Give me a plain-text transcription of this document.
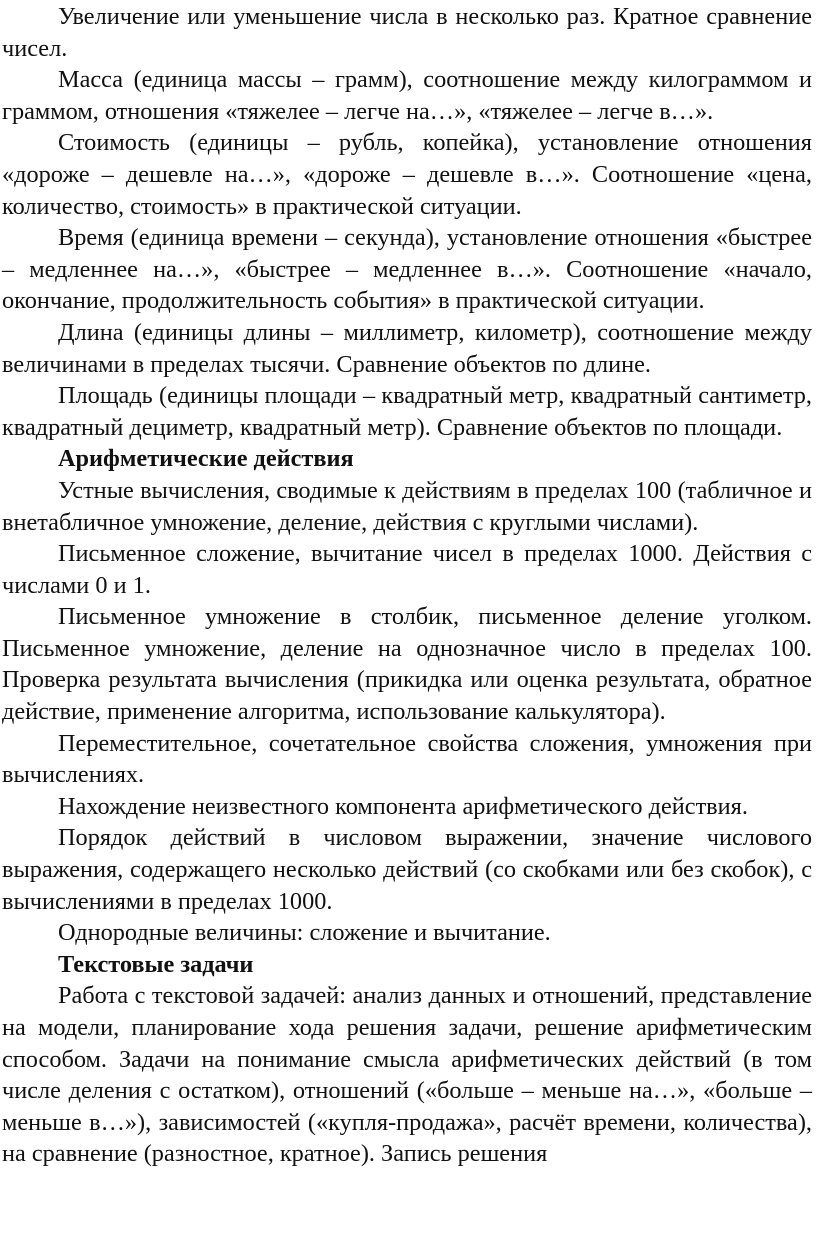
Увеличение или уменьшение числа в несколько раз. Кратное сравнение чисел.

Масса (единица массы – грамм), соотношение между килограммом и граммом, отношения «тяжелее – легче на…», «тяжелее – легче в…».

Стоимость (единицы – рубль, копейка), установление отношения «дороже – дешевле на…», «дороже – дешевле в…». Соотношение «цена, количество, стоимость» в практической ситуации.

Время (единица времени – секунда), установление отношения «быстрее – медленнее на…», «быстрее – медленнее в…». Соотношение «начало, окончание, продолжительность события» в практической ситуации.

Длина (единицы длины – миллиметр, километр), соотношение между величинами в пределах тысячи. Сравнение объектов по длине.

Площадь (единицы площади – квадратный метр, квадратный сантиметр, квадратный дециметр, квадратный метр). Сравнение объектов по площади.

Арифметические действия

Устные вычисления, сводимые к действиям в пределах 100 (табличное и внетабличное умножение, деление, действия с круглыми числами).

Письменное сложение, вычитание чисел в пределах 1000. Действия с числами 0 и 1.

Письменное умножение в столбик, письменное деление уголком. Письменное умножение, деление на однозначное число в пределах 100. Проверка результата вычисления (прикидка или оценка результата, обратное действие, применение алгоритма, использование калькулятора).

Переместительное, сочетательное свойства сложения, умножения при вычислениях.

Нахождение неизвестного компонента арифметического действия.

Порядок действий в числовом выражении, значение числового выражения, содержащего несколько действий (со скобками или без скобок), с вычислениями в пределах 1000.

Однородные величины: сложение и вычитание.

Текстовые задачи

Работа с текстовой задачей: анализ данных и отношений, представление на модели, планирование хода решения задачи, решение арифметическим способом. Задачи на понимание смысла арифметических действий (в том числе деления с остатком), отношений («больше – меньше на…», «больше – меньше в…»), зависимостей («купля-продажа», расчёт времени, количества), на сравнение (разностное, кратное). Запись решения
